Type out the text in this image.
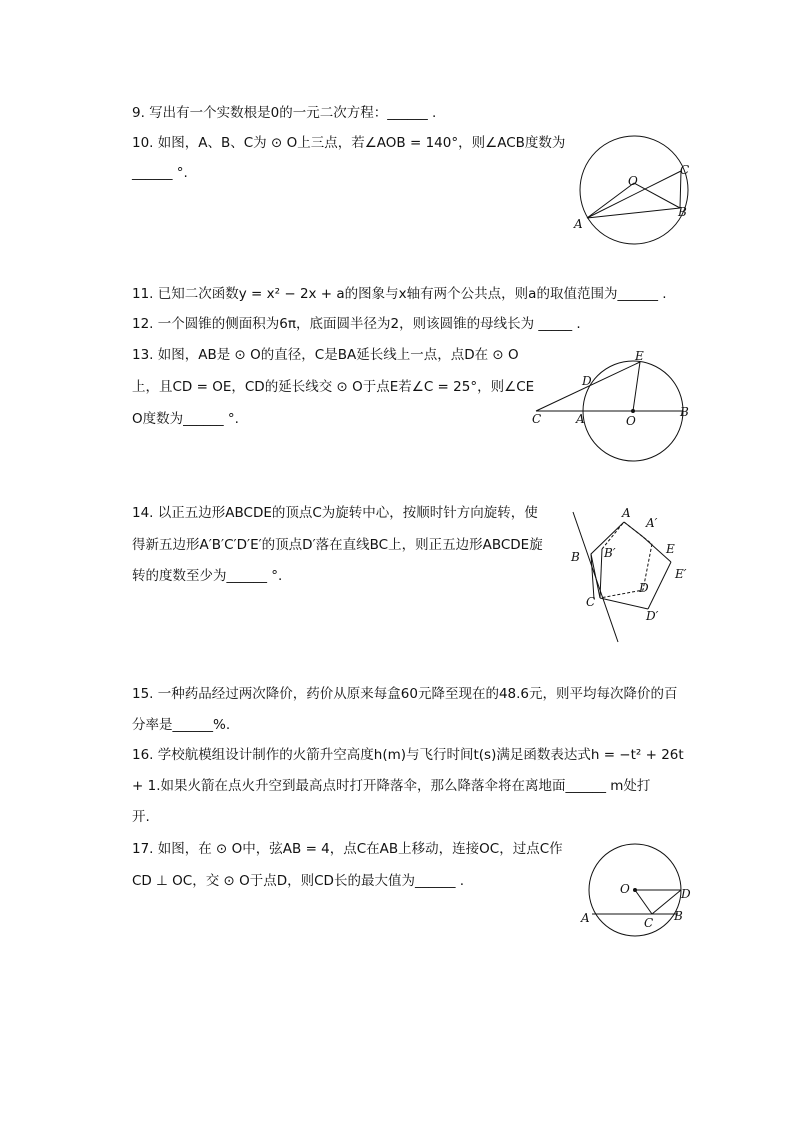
9. 写出有一个实数根是0的一元二次方程：______ .
10. 如图，A、B、C为 ⊙ O上三点，若∠AOB = 140°，则∠ACB度数为
______ °.	O
A
B
C
11. 已知二次函数y = x² − 2x + a的图象与x轴有两个公共点，则a的取值范围为______ .
12. 一个圆锥的侧面积为6π，底面圆半径为2，则该圆锥的母线长为 _____ .
13. 如图，AB是 ⊙ O的直径，C是BA延长线上一点，点D在 ⊙ O
上，且CD = OE，CD的延长线交 ⊙ O于点E若∠C = 25°，则∠CE
O度数为______ °.
E
D
C	A	O
B
14. 以正五边形ABCDE的顶点C为旋转中心，按顺时针方向旋转，使
得新五边形A′B′C′D′E′的顶点D′落在直线BC上，则正五边形ABCDE旋
转的度数至少为______ °.
A
A′
B B′	E
E′
C
D
D′
15. 一种药品经过两次降价，药价从原来每盒60元降至现在的48.6元，则平均每次降价的百
分率是______%.
16. 学校航模组设计制作的火箭升空高度h(m)与飞行时间t(s)满足函数表达式h = −t² + 26t
+ 1.如果火箭在点火升空到最高点时打开降落伞，那么降落伞将在离地面______ m处打
开.
17. 如图，在 ⊙ O中，弦AB = 4，点C在AB上移动，连接OC，过点C作
CD ⊥ OC，交 ⊙ O于点D，则CD长的最大值为______ .	O	D
A	C B
